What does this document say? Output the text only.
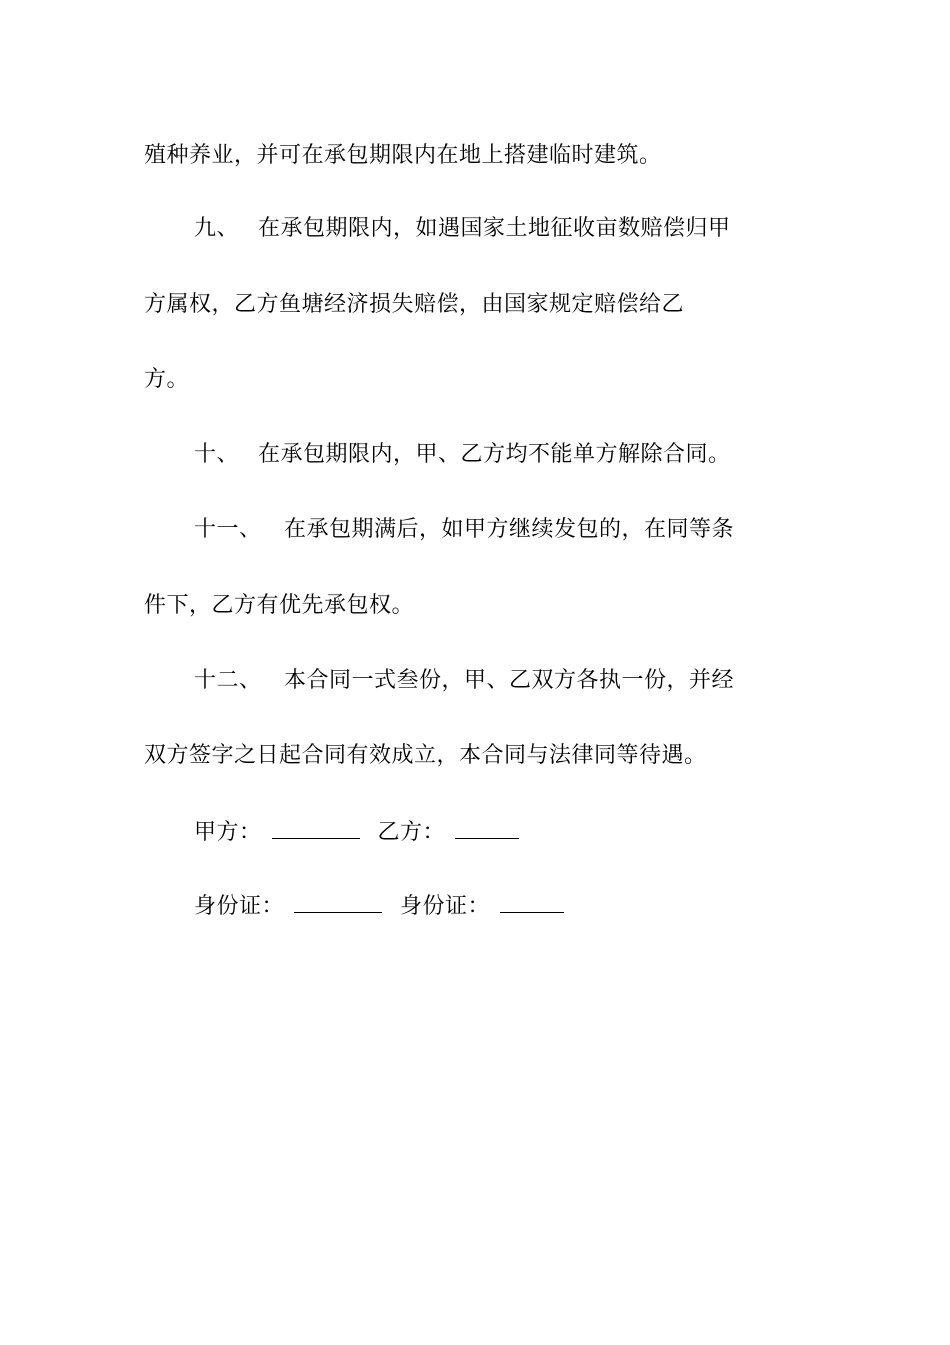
殖种养业，并可在承包期限内在地上搭建临时建筑。
九、 在承包期限内，如遇国家土地征收亩数赔偿归甲
方属权，乙方鱼塘经济损失赔偿，由国家规定赔偿给乙
方。
十、 在承包期限内，甲、乙方均不能单方解除合同。
十一、 在承包期满后，如甲方继续发包的，在同等条
件下，乙方有优先承包权。
十二、 本合同一式叁份，甲、乙双方各执一份，并经
双方签字之日起合同有效成立，本合同与法律同等待遇。
甲方：	乙方：
身份证：	身份证：
